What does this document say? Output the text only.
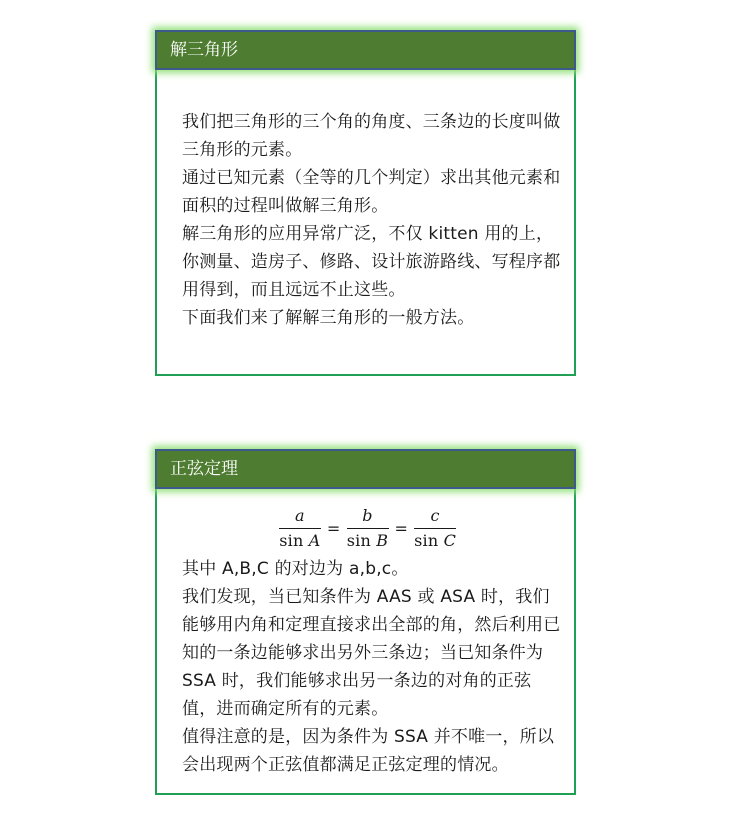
解三角形

我们把三角形的三个角的角度、三条边的长度叫做三角形的元素。

通过已知元素（全等的几个判定）求出其他元素和面积的过程叫做解三角形。

解三角形的应用异常广泛，不仅 kitten 用的上，你测量、造房子、修路、设计旅游路线、写程序都用得到，而且远远不止这些。

下面我们来了解解三角形的一般方法。

正弦定理
$\frac{a}{\text{sin A}} = \frac{b}{\text{sin B}} = \frac{c}{\text{sin C}}$

其中 A,B,C 的对边为 a,b,c。

我们发现，当已知条件为 AAS 或 ASA 时，我们能够用内角和定理直接求出全部的角，然后利用已知的一条边能够求出另外三条边；当已知条件为 SSA 时，我们能够求出另一条边的对角的正弦值，进而确定所有的元素。

值得注意的是，因为条件为 SSA 并不唯一，所以会出现两个正弦值都满足正弦定理的情况。
